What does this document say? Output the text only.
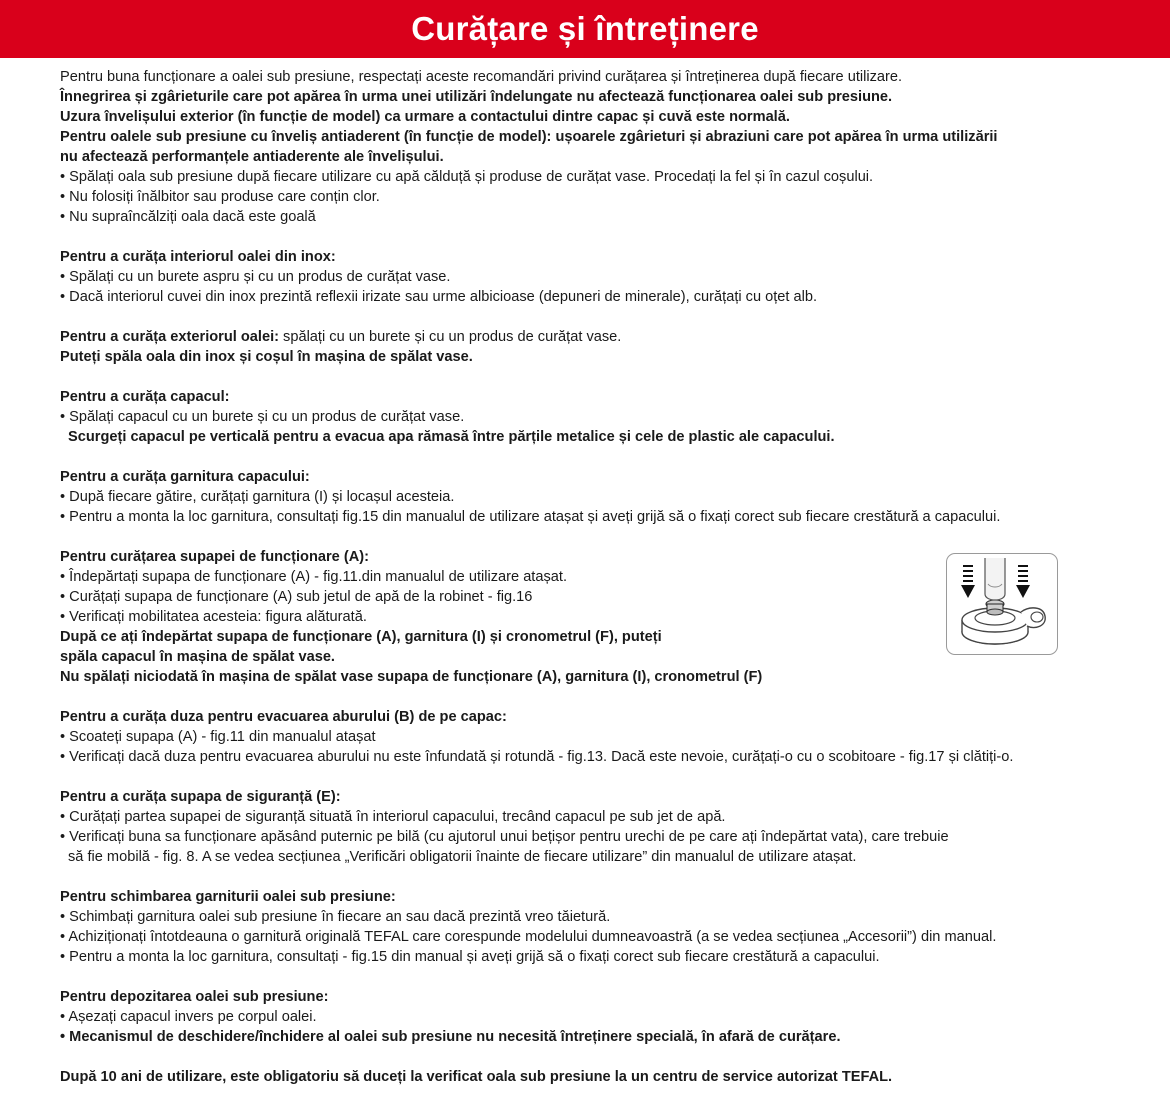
Curățare și întreținere
Pentru buna funcționare a oalei sub presiune, respectați aceste recomandări privind curățarea și întreținerea după fiecare utilizare.
Înnegrirea și zgârieturile care pot apărea în urma unei utilizări îndelungate nu afectează funcționarea oalei sub presiune.
Uzura învelișului exterior (în funcție de model) ca urmare a contactului dintre capac și cuvă este normală.
Pentru oalele sub presiune cu înveliș antiaderent (în funcție de model): ușoarele zgârieturi și abraziuni care pot apărea în urma utilizării
nu afectează performanțele antiaderente ale învelișului.
• Spălați oala sub presiune după fiecare utilizare cu apă călduță și produse de curățat vase. Procedați la fel și în cazul coșului.
• Nu folosiți înălbitor sau produse care conțin clor.
• Nu supraîncălziți oala dacă este goală
Pentru a curăța interiorul oalei din inox:
• Spălați cu un burete aspru și cu un produs de curățat vase.
• Dacă interiorul cuvei din inox prezintă reflexii irizate sau urme albicioase (depuneri de minerale), curățați cu oțet alb.
Pentru a curăța exteriorul oalei: spălați cu un burete și cu un produs de curățat vase.
Puteți spăla oala din inox și coșul în mașina de spălat vase.
Pentru a curăța capacul:
• Spălați capacul cu un burete și cu un produs de curățat vase.
Scurgeți capacul pe verticală pentru a evacua apa rămasă între părțile metalice și cele de plastic ale capacului.
Pentru a curăța garnitura capacului:
• După fiecare gătire, curățați garnitura (I) și locașul acesteia.
• Pentru a monta la loc garnitura, consultați fig.15 din manualul de utilizare atașat și aveți grijă să o fixați corect sub fiecare crestătură a capacului.
Pentru curățarea supapei de funcționare (A):
• Îndepărtați supapa de funcționare (A) - fig.11.din manualul de utilizare atașat.
• Curățați supapa de funcționare (A) sub jetul de apă de la robinet - fig.16
• Verificați mobilitatea acesteia: figura alăturată.
După ce ați îndepărtat supapa de funcționare (A), garnitura (I) și cronometrul (F), puteți
spăla capacul în mașina de spălat vase.
Nu spălați niciodată în mașina de spălat vase supapa de funcționare (A), garnitura (I), cronometrul (F)
Pentru a curăța duza pentru evacuarea aburului (B) de pe capac:
• Scoateți supapa (A) - fig.11 din manualul atașat
• Verificați dacă duza pentru evacuarea aburului nu este înfundată și rotundă - fig.13. Dacă este nevoie, curățați-o cu o scobitoare - fig.17 și clătiți-o.
Pentru a curăța supapa de siguranță (E):
• Curățați partea supapei de siguranță situată în interiorul capacului, trecând capacul pe sub jet de apă.
• Verificați buna sa funcționare apăsând puternic pe bilă (cu ajutorul unui bețișor pentru urechi de pe care ați îndepărtat vata), care trebuie
să fie mobilă - fig. 8. A se vedea secțiunea „Verificări obligatorii înainte de fiecare utilizare” din manualul de utilizare atașat.
Pentru schimbarea garniturii oalei sub presiune:
• Schimbați garnitura oalei sub presiune în fiecare an sau dacă prezintă vreo tăietură.
• Achiziționați întotdeauna o garnitură originală TEFAL care corespunde modelului dumneavoastră (a se vedea secțiunea „Accesorii”) din manual.
• Pentru a monta la loc garnitura, consultați - fig.15 din manual și aveți grijă să o fixați corect sub fiecare crestătură a capacului.
Pentru depozitarea oalei sub presiune:
• Așezați capacul invers pe corpul oalei.
• Mecanismul de deschidere/închidere al oalei sub presiune nu necesită întreținere specială, în afară de curățare.
După 10 ani de utilizare, este obligatoriu să duceți la verificat oala sub presiune la un centru de service autorizat TEFAL.
